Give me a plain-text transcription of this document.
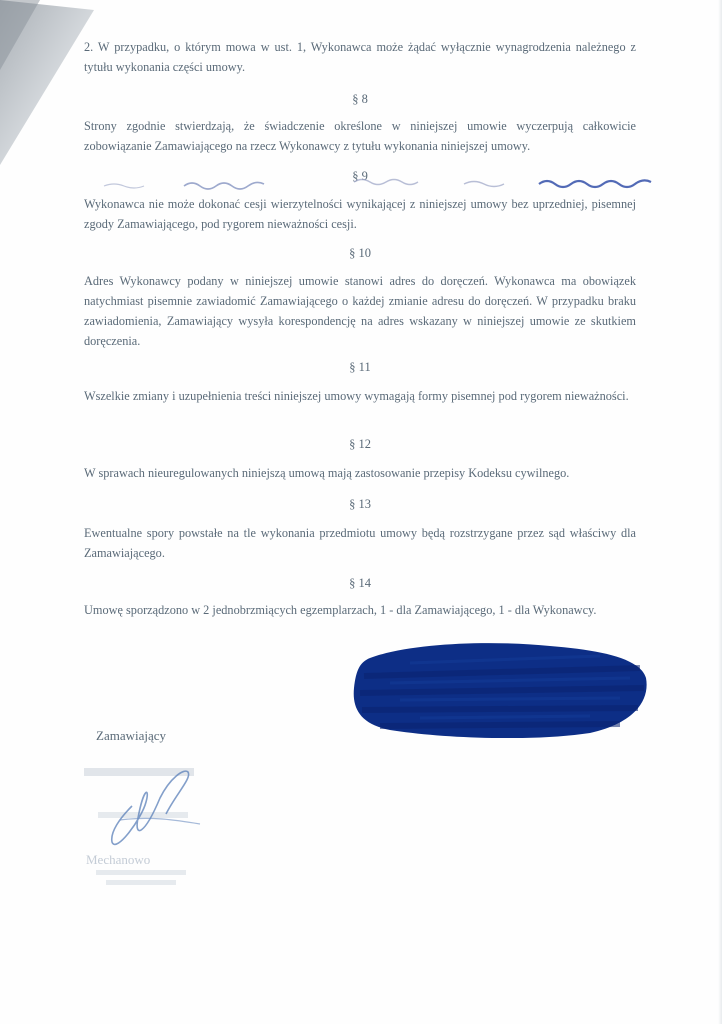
2. W przypadku, o którym mowa w ust. 1, Wykonawca może żądać wyłącznie wynagrodzenia należnego z tytułu wykonania części umowy.

§ 8

Strony zgodnie stwierdzają, że świadczenie określone w niniejszej umowie wyczerpują całkowicie zobowiązanie Zamawiającego na rzecz Wykonawcy z tytułu wykonania niniejszej umowy.

§ 9

Wykonawca nie może dokonać cesji wierzytelności wynikającej z niniejszej umowy bez uprzedniej, pisemnej zgody Zamawiającego, pod rygorem nieważności cesji.

§ 10

Adres Wykonawcy podany w niniejszej umowie stanowi adres do doręczeń. Wykonawca ma obowiązek natychmiast pisemnie zawiadomić Zamawiającego o każdej zmianie adresu do doręczeń. W przypadku braku zawiadomienia, Zamawiający wysyła korespondencję na adres wskazany w niniejszej umowie ze skutkiem doręczenia.

§ 11

Wszelkie zmiany i uzupełnienia treści niniejszej umowy wymagają formy pisemnej pod rygorem nieważności.

§ 12

W sprawach nieuregulowanych niniejszą umową mają zastosowanie przepisy Kodeksu cywilnego.

§ 13

Ewentualne spory powstałe na tle wykonania przedmiotu umowy będą rozstrzygane przez sąd właściwy dla Zamawiającego.

§ 14

Umowę sporządzono w 2 jednobrzmiących egzemplarzach, 1 - dla Zamawiającego, 1 - dla Wykonawcy.

Zamawiający

Mechanowo
